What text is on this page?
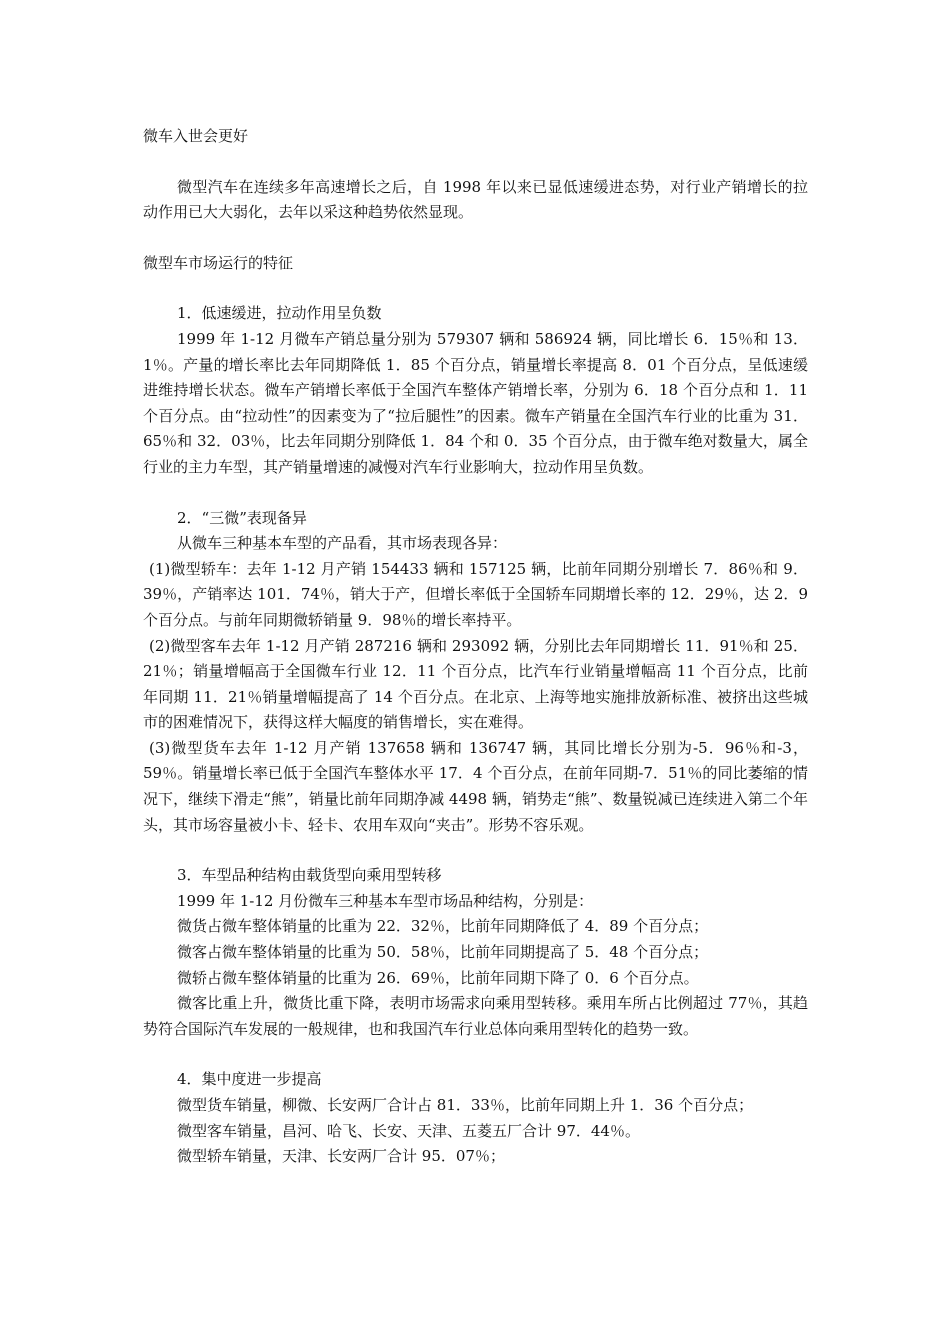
微车入世会更好

微型汽车在连续多年高速增长之后，自 1998 年以来已显低速缓进态势，对行业产销增长的拉动作用已大大弱化，去年以采这种趋势依然显现。

微型车市场运行的特征

1．低速缓进，拉动作用呈负数

1999 年 1-12 月微车产销总量分别为 579307 辆和 586924 辆，同比增长 6．15％和 13．1％。产量的增长率比去年同期降低 1．85 个百分点，销量增长率提高 8．01 个百分点，呈低速缓进维持增长状态。微车产销增长率低于全国汽车整体产销增长率，分别为 6．18 个百分点和 1．11 个百分点。由“拉动性”的因素变为了“拉后腿性”的因素。微车产销量在全国汽车行业的比重为 31．65％和 32．03％，比去年同期分别降低 1．84 个和 0．35 个百分点，由于微车绝对数量大，属全行业的主力车型，其产销量增速的减慢对汽车行业影响大，拉动作用呈负数。

2．“三微”表现备异

从微车三种基本车型的产品看，其市场表现各异：

(1)微型轿车：去年 1-12 月产销 154433 辆和 157125 辆，比前年同期分别增长 7．86％和 9．39％，产销率达 101．74％，销大于产，但增长率低于全国轿车同期增长率的 12．29％，达 2．9 个百分点。与前年同期微轿销量 9．98％的增长率持平。

(2)微型客车去年 1-12 月产销 287216 辆和 293092 辆，分别比去年同期增长 11．91％和 25．21％；销量增幅高于全国微车行业 12．11 个百分点，比汽车行业销量增幅高 11 个百分点，比前年同期 11．21％销量增幅提高了 14 个百分点。在北京、上海等地实施排放新标准、被挤出这些城市的困难情况下，获得这样大幅度的销售增长，实在难得。

(3)微型货车去年 1-12 月产销 137658 辆和 136747 辆，其同比增长分别为-5．96％和-3，59％。销量增长率已低于全国汽车整体水平 17．4 个百分点，在前年同期-7．51％的同比萎缩的情况下，继续下滑走“熊”，销量比前年同期净减 4498 辆，销势走“熊”、数量锐减已连续进入第二个年头，其市场容量被小卡、轻卡、农用车双向“夹击”。形势不容乐观。

3．车型品种结构由载货型向乘用型转移

1999 年 1-12 月份微车三种基本车型市场品种结构，分别是：

微货占微车整体销量的比重为 22．32％，比前年同期降低了 4．89 个百分点；

微客占微车整体销量的比重为 50．58％，比前年同期提高了 5．48 个百分点；

微轿占微车整体销量的比重为 26．69％，比前年同期下降了 0．6 个百分点。

微客比重上升，微货比重下降，表明市场需求向乘用型转移。乘用车所占比例超过 77％，其趋势符合国际汽车发展的一般规律，也和我国汽车行业总体向乘用型转化的趋势一致。

4．集中度进一步提高

微型货车销量，柳微、长安两厂合计占 81．33％，比前年同期上升 1．36 个百分点；

微型客车销量，昌河、哈飞、长安、天津、五菱五厂合计 97．44％。

微型轿车销量，天津、长安两厂合计 95．07％；
